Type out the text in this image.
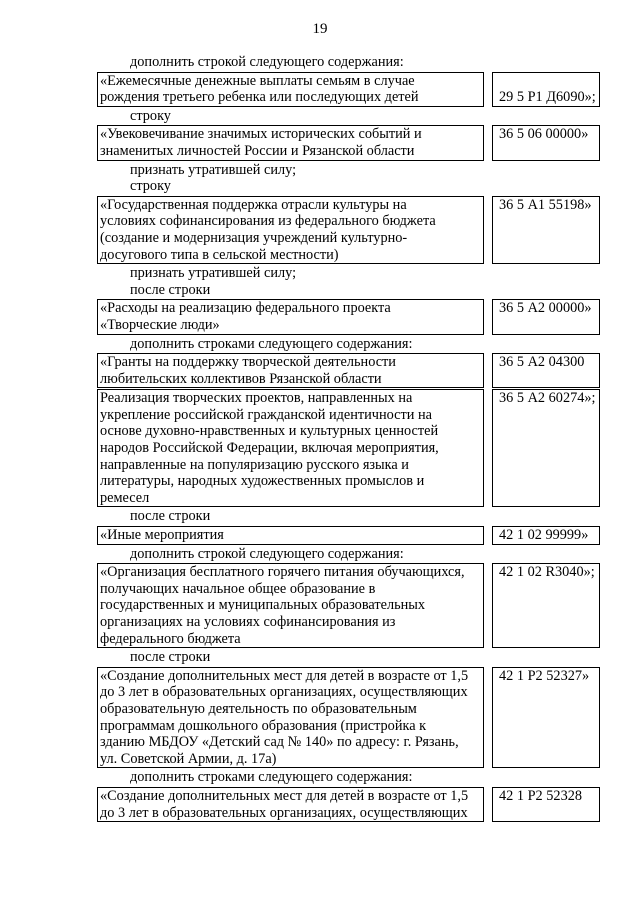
19
дополнить строкой следующего содержания:
«Ежемесячные денежные выплаты семьям в случае
рождения третьего ребенка или последующих детей	29 5 Р1 Д6090»;
строку
«Увековечивание значимых исторических событий и
знаменитых личностей России и Рязанской области
36 5 06 00000»
признать утратившей силу;
строку
«Государственная поддержка отрасли культуры на
условиях софинансирования из федерального бюджета
(создание и модернизация учреждений культурно-
досугового типа в сельской местности)
36 5 А1 55198»
признать утратившей силу;
после строки
«Расходы на реализацию федерального проекта
«Творческие люди»
36 5 А2 00000»
дополнить строками следующего содержания:
«Гранты на поддержку творческой деятельности
любительских коллективов Рязанской области
36 5 А2 04300
Реализация творческих проектов, направленных на
укрепление российской гражданской идентичности на
основе духовно-нравственных и культурных ценностей
народов Российской Федерации, включая мероприятия,
направленные на популяризацию русского языка и
литературы, народных художественных промыслов и
ремесел
36 5 А2 60274»;
после строки
«Иные мероприятия	42 1 02 99999»
дополнить строкой следующего содержания:
«Организация бесплатного горячего питания обучающихся,
получающих начальное общее образование в
государственных и муниципальных образовательных
организациях на условиях софинансирования из
федерального бюджета
42 1 02 R3040»;
после строки
«Создание дополнительных мест для детей в возрасте от 1,5
до 3 лет в образовательных организациях, осуществляющих
образовательную деятельность по образовательным
программам дошкольного образования (пристройка к
зданию МБДОУ «Детский сад № 140» по адресу: г. Рязань,
ул. Советской Армии, д. 17а)
42 1 Р2 52327»
дополнить строками следующего содержания:
«Создание дополнительных мест для детей в возрасте от 1,5
до 3 лет в образовательных организациях, осуществляющих
42 1 Р2 52328
